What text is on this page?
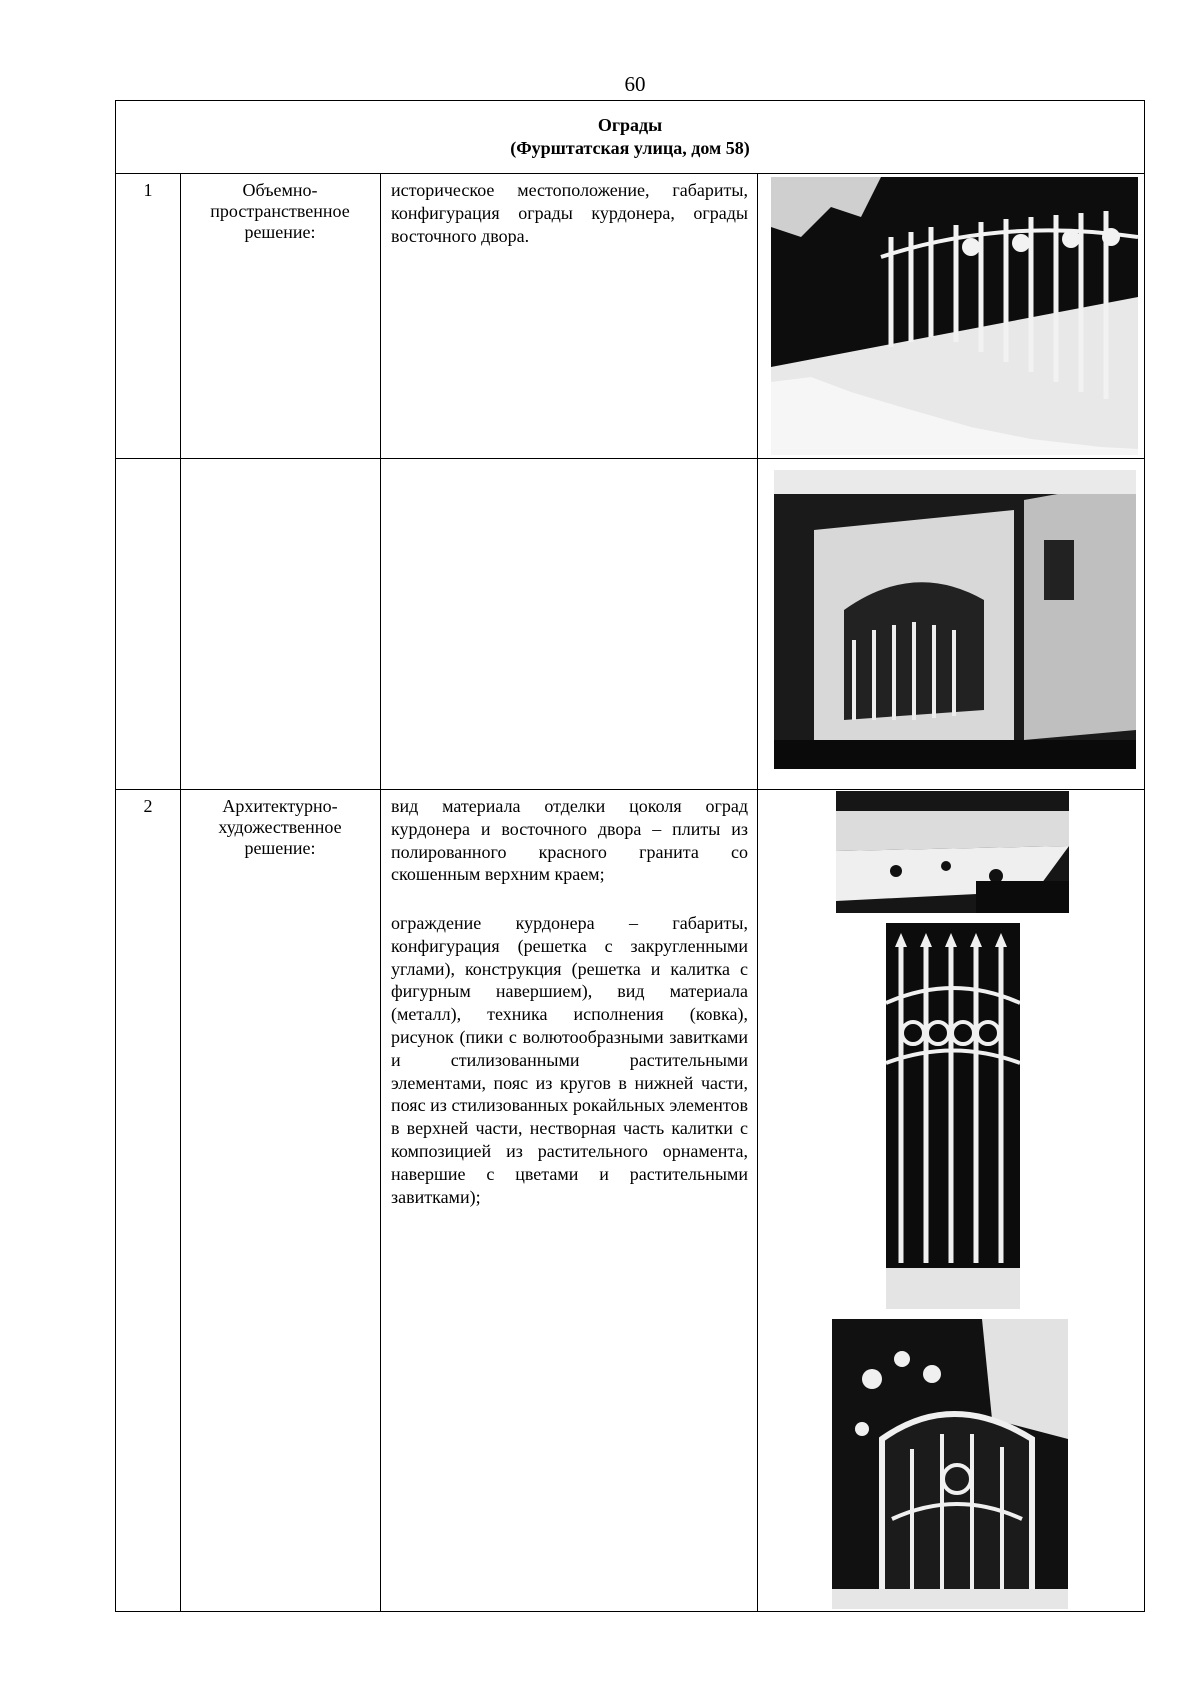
60
Ограды
(Фурштатская улица, дом 58)
1	Объемно-
пространственное
решение:
историческое местоположение, габариты, конфигурация ограды курдонера, ограды восточного двора.
2	Архитектурно-
художественное
решение:
вид материала отделки цоколя оград курдонера и восточного двора – плиты из полированного красного гранита со скошенным верхним краем;
ограждение курдонера – габариты, конфигурация (решетка с закругленными углами), конструкция (решетка и калитка с фигурным навершием), вид материала (металл), техника исполнения (ковка), рисунок (пики с волютообразными завитками и стилизованными растительными элементами, пояс из кругов в нижней части, пояс из стилизованных рокайльных элементов в верхней части, нестворная часть калитки с композицией из растительного орнамента, навершие с цветами и растительными завитками);
